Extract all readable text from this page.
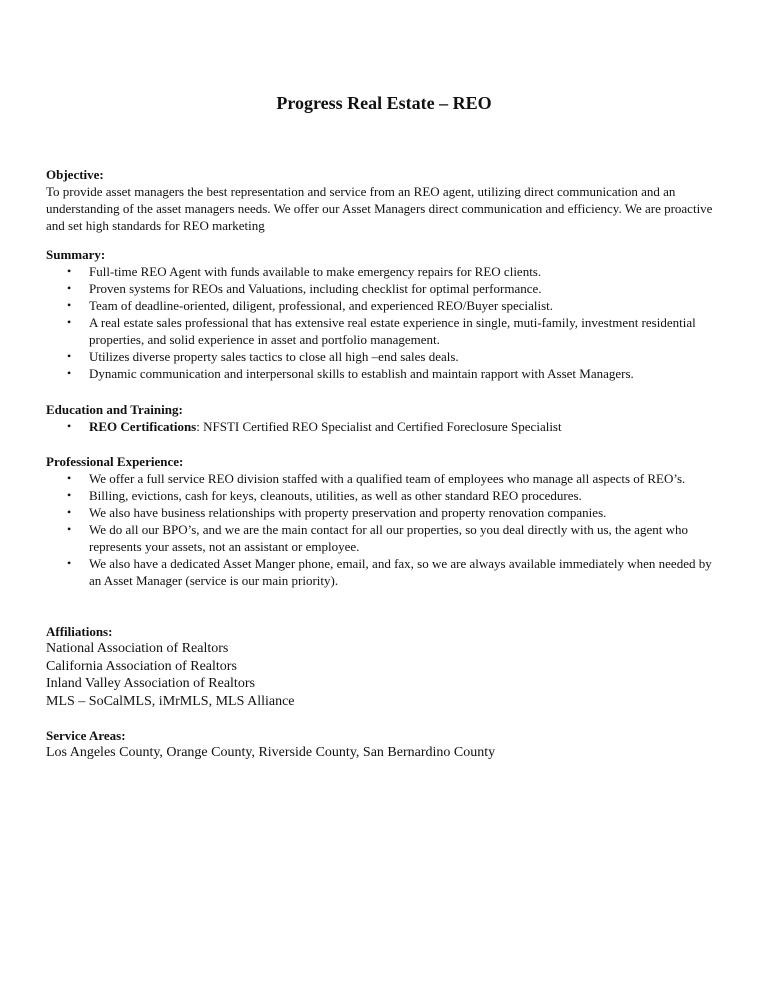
Progress Real Estate – REO
Objective:

To provide asset managers the best representation and service from an REO agent, utilizing direct communication and an understanding of the asset managers needs. We offer our Asset Managers direct communication and efficiency. We are proactive and set high standards for REO marketing

Summary:
• Full-time REO Agent with funds available to make emergency repairs for REO clients.
• Proven systems for REOs and Valuations, including checklist for optimal performance.
• Team of deadline-oriented, diligent, professional, and experienced REO/Buyer specialist.
• A real estate sales professional that has extensive real estate experience in single, muti-family, investment residential properties, and solid experience in asset and portfolio management.
• Utilizes diverse property sales tactics to close all high –end sales deals.
• Dynamic communication and interpersonal skills to establish and maintain rapport with Asset Managers.
Education and Training:
• REO Certifications: NFSTI Certified REO Specialist and Certified Foreclosure Specialist
Professional Experience:
• We offer a full service REO division staffed with a qualified team of employees who manage all aspects of REO’s.
• Billing, evictions, cash for keys, cleanouts, utilities, as well as other standard REO procedures.
• We also have business relationships with property preservation and property renovation companies.
• We do all our BPO’s, and we are the main contact for all our properties, so you deal directly with us, the agent who represents your assets, not an assistant or employee.
• We also have a dedicated Asset Manger phone, email, and fax, so we are always available immediately when needed by an Asset Manager (service is our main priority).
Affiliations:
National Association of Realtors
California Association of Realtors
Inland Valley Association of Realtors
MLS – SoCalMLS, iMrMLS, MLS Alliance
Service Areas:
Los Angeles County, Orange County, Riverside County, San Bernardino County
